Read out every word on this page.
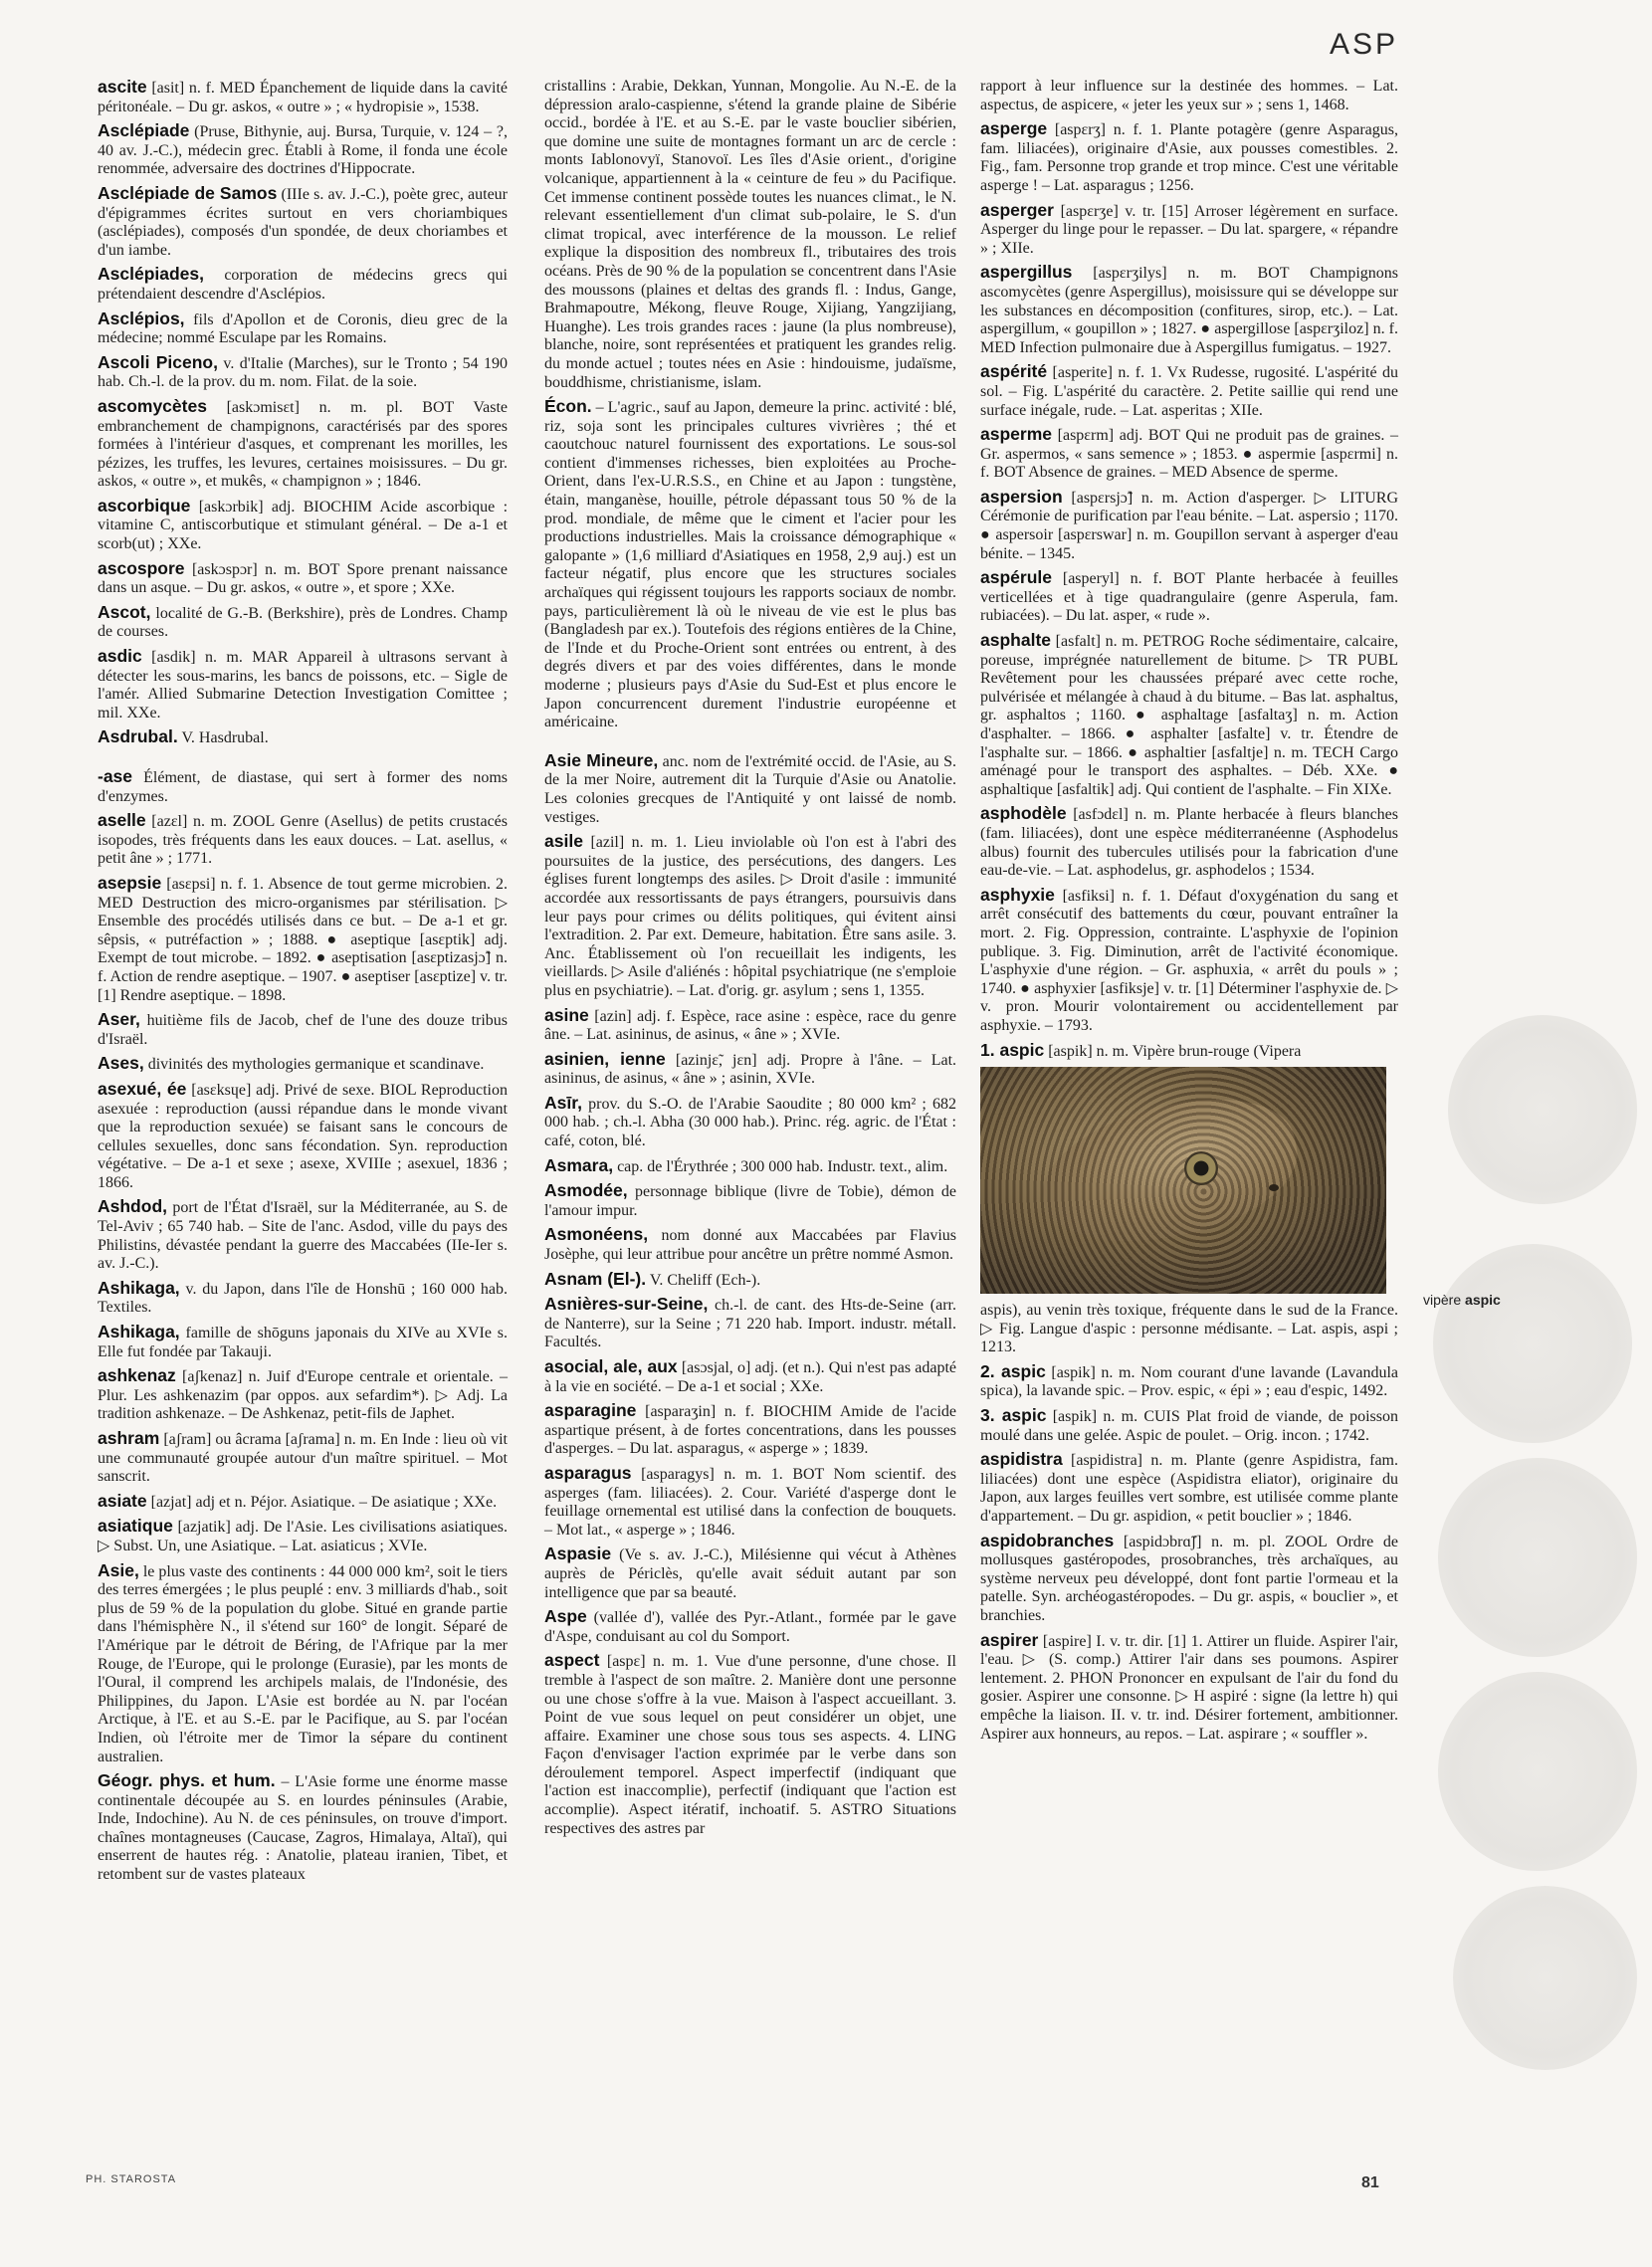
ASP

ascite [asit] n. f. MED Épanchement de liquide dans la cavité péritonéale. – Du gr. askos, « outre » ; « hydropisie », 1538.

Asclépiade (Pruse, Bithynie, auj. Bursa, Turquie, v. 124 – ?, 40 av. J.-C.), médecin grec. Établi à Rome, il fonda une école renommée, adversaire des doctrines d'Hippocrate.

Asclépiade de Samos (IIIe s. av. J.-C.), poète grec, auteur d'épigrammes écrites surtout en vers choriambiques (asclépiades), composés d'un spondée, de deux choriambes et d'un iambe.

Asclépiades, corporation de médecins grecs qui prétendaient descendre d'Asclépios.

Asclépios, fils d'Apollon et de Coronis, dieu grec de la médecine; nommé Esculape par les Romains.

Ascoli Piceno, v. d'Italie (Marches), sur le Tronto ; 54 190 hab. Ch.-l. de la prov. du m. nom. Filat. de la soie.

ascomycètes [askɔmisɛt] n. m. pl. BOT Vaste embranchement de champignons, caractérisés par des spores formées à l'intérieur d'asques, et comprenant les morilles, les pézizes, les truffes, les levures, certaines moisissures. – Du gr. askos, « outre », et mukês, « champignon » ; 1846.

ascorbique [askɔrbik] adj. BIOCHIM Acide ascorbique : vitamine C, antiscorbutique et stimulant général. – De a-1 et scorb(ut) ; XXe.

ascospore [askɔspɔr] n. m. BOT Spore prenant naissance dans un asque. – Du gr. askos, « outre », et spore ; XXe.

Ascot, localité de G.-B. (Berkshire), près de Londres. Champ de courses.

asdic [asdik] n. m. MAR Appareil à ultrasons servant à détecter les sous-marins, les bancs de poissons, etc. – Sigle de l'amér. Allied Submarine Detection Investigation Comittee ; mil. XXe.

Asdrubal. V. Hasdrubal.

-ase Élément, de diastase, qui sert à former des noms d'enzymes.

aselle [azɛl] n. m. ZOOL Genre (Asellus) de petits crustacés isopodes, très fréquents dans les eaux douces. – Lat. asellus, « petit âne » ; 1771.

asepsie [asɛpsi] n. f. 1. Absence de tout germe microbien. 2. MED Destruction des micro-organismes par stérilisation. ▷ Ensemble des procédés utilisés dans ce but. – De a-1 et gr. sêpsis, « putréfaction » ; 1888. ● aseptique [asɛptik] adj. Exempt de tout microbe. – 1892. ● aseptisation [asɛptizasjɔ̃] n. f. Action de rendre aseptique. – 1907. ● aseptiser [asɛptize] v. tr. [1] Rendre aseptique. – 1898.

Aser, huitième fils de Jacob, chef de l'une des douze tribus d'Israël.

Ases, divinités des mythologies germanique et scandinave.

asexué, ée [asɛksɥe] adj. Privé de sexe. BIOL Reproduction asexuée : reproduction (aussi répandue dans le monde vivant que la reproduction sexuée) se faisant sans le concours de cellules sexuelles, donc sans fécondation. Syn. reproduction végétative. – De a-1 et sexe ; asexe, XVIIIe ; asexuel, 1836 ; 1866.

Ashdod, port de l'État d'Israël, sur la Méditerranée, au S. de Tel-Aviv ; 65 740 hab. – Site de l'anc. Asdod, ville du pays des Philistins, dévastée pendant la guerre des Maccabées (IIe-Ier s. av. J.-C.).

Ashikaga, v. du Japon, dans l'île de Honshū ; 160 000 hab. Textiles.

Ashikaga, famille de shōguns japonais du XIVe au XVIe s. Elle fut fondée par Takauji.

ashkenaz [aʃkenaz] n. Juif d'Europe centrale et orientale. – Plur. Les ashkenazim (par oppos. aux sefardim*). ▷ Adj. La tradition ashkenaze. – De Ashkenaz, petit-fils de Japhet.

ashram [aʃram] ou âcrama [aʃrama] n. m. En Inde : lieu où vit une communauté groupée autour d'un maître spirituel. – Mot sanscrit.

asiate [azjat] adj et n. Péjor. Asiatique. – De asiatique ; XXe.

asiatique [azjatik] adj. De l'Asie. Les civilisations asiatiques. ▷ Subst. Un, une Asiatique. – Lat. asiaticus ; XVIe.

Asie, le plus vaste des continents : 44 000 000 km², soit le tiers des terres émergées ; le plus peuplé : env. 3 milliards d'hab., soit plus de 59 % de la population du globe. Situé en grande partie dans l'hémisphère N., il s'étend sur 160° de longit. Séparé de l'Amérique par le détroit de Béring, de l'Afrique par la mer Rouge, de l'Europe, qui le prolonge (Eurasie), par les monts de l'Oural, il comprend les archipels malais, de l'Indonésie, des Philippines, du Japon. L'Asie est bordée au N. par l'océan Arctique, à l'E. et au S.-E. par le Pacifique, au S. par l'océan Indien, où l'étroite mer de Timor la sépare du continent australien.

Géogr. phys. et hum. – L'Asie forme une énorme masse continentale découpée au S. en lourdes péninsules (Arabie, Inde, Indochine). Au N. de ces péninsules, on trouve d'import. chaînes montagneuses (Caucase, Zagros, Himalaya, Altaï), qui enserrent de hautes rég. : Anatolie, plateau iranien, Tibet, et retombent sur de vastes plateaux

cristallins : Arabie, Dekkan, Yunnan, Mongolie. Au N.-E. de la dépression aralo-caspienne, s'étend la grande plaine de Sibérie occid., bordée à l'E. et au S.-E. par le vaste bouclier sibérien, que domine une suite de montagnes formant un arc de cercle : monts Iablonovyï, Stanovoï. Les îles d'Asie orient., d'origine volcanique, appartiennent à la « ceinture de feu » du Pacifique. Cet immense continent possède toutes les nuances climat., le N. relevant essentiellement d'un climat sub-polaire, le S. d'un climat tropical, avec interférence de la mousson. Le relief explique la disposition des nombreux fl., tributaires des trois océans. Près de 90 % de la population se concentrent dans l'Asie des moussons (plaines et deltas des grands fl. : Indus, Gange, Brahmapoutre, Mékong, fleuve Rouge, Xijiang, Yangzijiang, Huanghe). Les trois grandes races : jaune (la plus nombreuse), blanche, noire, sont représentées et pratiquent les grandes relig. du monde actuel ; toutes nées en Asie : hindouisme, judaïsme, bouddhisme, christianisme, islam.

Écon. – L'agric., sauf au Japon, demeure la princ. activité : blé, riz, soja sont les principales cultures vivrières ; thé et caoutchouc naturel fournissent des exportations. Le sous-sol contient d'immenses richesses, bien exploitées au Proche-Orient, dans l'ex-U.R.S.S., en Chine et au Japon : tungstène, étain, manganèse, houille, pétrole dépassant tous 50 % de la prod. mondiale, de même que le ciment et l'acier pour les productions industrielles. Mais la croissance démographique « galopante » (1,6 milliard d'Asiatiques en 1958, 2,9 auj.) est un facteur négatif, plus encore que les structures sociales archaïques qui régissent toujours les rapports sociaux de nombr. pays, particulièrement là où le niveau de vie est le plus bas (Bangladesh par ex.). Toutefois des régions entières de la Chine, de l'Inde et du Proche-Orient sont entrées ou entrent, à des degrés divers et par des voies différentes, dans le monde moderne ; plusieurs pays d'Asie du Sud-Est et plus encore le Japon concurrencent durement l'industrie européenne et américaine.

Asie Mineure, anc. nom de l'extrémité occid. de l'Asie, au S. de la mer Noire, autrement dit la Turquie d'Asie ou Anatolie. Les colonies grecques de l'Antiquité y ont laissé de nomb. vestiges.

asile [azil] n. m. 1. Lieu inviolable où l'on est à l'abri des poursuites de la justice, des persécutions, des dangers. Les églises furent longtemps des asiles. ▷ Droit d'asile : immunité accordée aux ressortissants de pays étrangers, poursuivis dans leur pays pour crimes ou délits politiques, qui évitent ainsi l'extradition. 2. Par ext. Demeure, habitation. Être sans asile. 3. Anc. Établissement où l'on recueillait les indigents, les vieillards. ▷ Asile d'aliénés : hôpital psychiatrique (ne s'emploie plus en psychiatrie). – Lat. d'orig. gr. asylum ; sens 1, 1355.

asine [azin] adj. f. Espèce, race asine : espèce, race du genre âne. – Lat. asininus, de asinus, « âne » ; XVIe.

asinien, ienne [azinjɛ̃, jɛn] adj. Propre à l'âne. – Lat. asininus, de asinus, « âne » ; asinin, XVIe.

Asīr, prov. du S.-O. de l'Arabie Saoudite ; 80 000 km² ; 682 000 hab. ; ch.-l. Abha (30 000 hab.). Princ. rég. agric. de l'État : café, coton, blé.

Asmara, cap. de l'Érythrée ; 300 000 hab. Industr. text., alim.

Asmodée, personnage biblique (livre de Tobie), démon de l'amour impur.

Asmonéens, nom donné aux Maccabées par Flavius Josèphe, qui leur attribue pour ancêtre un prêtre nommé Asmon.

Asnam (El-). V. Cheliff (Ech-).

Asnières-sur-Seine, ch.-l. de cant. des Hts-de-Seine (arr. de Nanterre), sur la Seine ; 71 220 hab. Import. industr. métall. Facultés.

asocial, ale, aux [asɔsjal, o] adj. (et n.). Qui n'est pas adapté à la vie en société. – De a-1 et social ; XXe.

asparagine [asparaʒin] n. f. BIOCHIM Amide de l'acide aspartique présent, à de fortes concentrations, dans les pousses d'asperges. – Du lat. asparagus, « asperge » ; 1839.

asparagus [asparagys] n. m. 1. BOT Nom scientif. des asperges (fam. liliacées). 2. Cour. Variété d'asperge dont le feuillage ornemental est utilisé dans la confection de bouquets. – Mot lat., « asperge » ; 1846.

Aspasie (Ve s. av. J.-C.), Milésienne qui vécut à Athènes auprès de Périclès, qu'elle avait séduit autant par son intelligence que par sa beauté.

Aspe (vallée d'), vallée des Pyr.-Atlant., formée par le gave d'Aspe, conduisant au col du Somport.

aspect [aspɛ] n. m. 1. Vue d'une personne, d'une chose. Il tremble à l'aspect de son maître. 2. Manière dont une personne ou une chose s'offre à la vue. Maison à l'aspect accueillant. 3. Point de vue sous lequel on peut considérer un objet, une affaire. Examiner une chose sous tous ses aspects. 4. LING Façon d'envisager l'action exprimée par le verbe dans son déroulement temporel. Aspect imperfectif (indiquant que l'action est inaccomplie), perfectif (indiquant que l'action est accomplie). Aspect itératif, inchoatif. 5. ASTRO Situations respectives des astres par

rapport à leur influence sur la destinée des hommes. – Lat. aspectus, de aspicere, « jeter les yeux sur » ; sens 1, 1468.

asperge [aspɛrʒ] n. f. 1. Plante potagère (genre Asparagus, fam. liliacées), originaire d'Asie, aux pousses comestibles. 2. Fig., fam. Personne trop grande et trop mince. C'est une véritable asperge ! – Lat. asparagus ; 1256.

asperger [aspɛrʒe] v. tr. [15] Arroser légèrement en surface. Asperger du linge pour le repasser. – Du lat. spargere, « répandre » ; XIIe.

aspergillus [aspɛrʒilys] n. m. BOT Champignons ascomycètes (genre Aspergillus), moisissure qui se développe sur les substances en décomposition (confitures, sirop, etc.). – Lat. aspergillum, « goupillon » ; 1827. ● aspergillose [aspɛrʒiloz] n. f. MED Infection pulmonaire due à Aspergillus fumigatus. – 1927.

aspérité [asperite] n. f. 1. Vx Rudesse, rugosité. L'aspérité du sol. – Fig. L'aspérité du caractère. 2. Petite saillie qui rend une surface inégale, rude. – Lat. asperitas ; XIIe.

asperme [aspɛrm] adj. BOT Qui ne produit pas de graines. – Gr. aspermos, « sans semence » ; 1853. ● aspermie [aspɛrmi] n. f. BOT Absence de graines. – MED Absence de sperme.

aspersion [aspɛrsjɔ̃] n. m. Action d'asperger. ▷ LITURG Cérémonie de purification par l'eau bénite. – Lat. aspersio ; 1170. ● aspersoir [aspɛrswar] n. m. Goupillon servant à asperger d'eau bénite. – 1345.

aspérule [asperyl] n. f. BOT Plante herbacée à feuilles verticellées et à tige quadrangulaire (genre Asperula, fam. rubiacées). – Du lat. asper, « rude ».

asphalte [asfalt] n. m. PETROG Roche sédimentaire, calcaire, poreuse, imprégnée naturellement de bitume. ▷ TR PUBL Revêtement pour les chaussées préparé avec cette roche, pulvérisée et mélangée à chaud à du bitume. – Bas lat. asphaltus, gr. asphaltos ; 1160. ● asphaltage [asfaltaʒ] n. m. Action d'asphalter. – 1866. ● asphalter [asfalte] v. tr. Étendre de l'asphalte sur. – 1866. ● asphaltier [asfaltje] n. m. TECH Cargo aménagé pour le transport des asphaltes. – Déb. XXe. ● asphaltique [asfaltik] adj. Qui contient de l'asphalte. – Fin XIXe.

asphodèle [asfɔdɛl] n. m. Plante herbacée à fleurs blanches (fam. liliacées), dont une espèce méditerranéenne (Asphodelus albus) fournit des tubercules utilisés pour la fabrication d'une eau-de-vie. – Lat. asphodelus, gr. asphodelos ; 1534.

asphyxie [asfiksi] n. f. 1. Défaut d'oxygénation du sang et arrêt consécutif des battements du cœur, pouvant entraîner la mort. 2. Fig. Oppression, contrainte. L'asphyxie de l'opinion publique. 3. Fig. Diminution, arrêt de l'activité économique. L'asphyxie d'une région. – Gr. asphuxia, « arrêt du pouls » ; 1740. ● asphyxier [asfiksje] v. tr. [1] Déterminer l'asphyxie de. ▷ v. pron. Mourir volontairement ou accidentellement par asphyxie. – 1793.

1. aspic [aspik] n. m. Vipère brun-rouge (Vipera

aspis), au venin très toxique, fréquente dans le sud de la France. ▷ Fig. Langue d'aspic : personne médisante. – Lat. aspis, aspi ; 1213.

2. aspic [aspik] n. m. Nom courant d'une lavande (Lavandula spica), la lavande spic. – Prov. espic, « épi » ; eau d'espic, 1492.

3. aspic [aspik] n. m. CUIS Plat froid de viande, de poisson moulé dans une gelée. Aspic de poulet. – Orig. incon. ; 1742.

aspidistra [aspidistra] n. m. Plante (genre Aspidistra, fam. liliacées) dont une espèce (Aspidistra eliator), originaire du Japon, aux larges feuilles vert sombre, est utilisée comme plante d'appartement. – Du gr. aspidion, « petit bouclier » ; 1846.

aspidobranches [aspidɔbrɑ̃ʃ] n. m. pl. ZOOL Ordre de mollusques gastéropodes, prosobranches, très archaïques, au système nerveux peu développé, dont font partie l'ormeau et la patelle. Syn. archéogastéropodes. – Du gr. aspis, « bouclier », et branchies.

aspirer [aspire] I. v. tr. dir. [1] 1. Attirer un fluide. Aspirer l'air, l'eau. ▷ (S. comp.) Attirer l'air dans ses poumons. Aspirer lentement. 2. PHON Prononcer en expulsant de l'air du fond du gosier. Aspirer une consonne. ▷ H aspiré : signe (la lettre h) qui empêche la liaison. II. v. tr. ind. Désirer fortement, ambitionner. Aspirer aux honneurs, au repos. – Lat. aspirare ; « souffler ».

vipère aspic
PH. STAROSTA	81
